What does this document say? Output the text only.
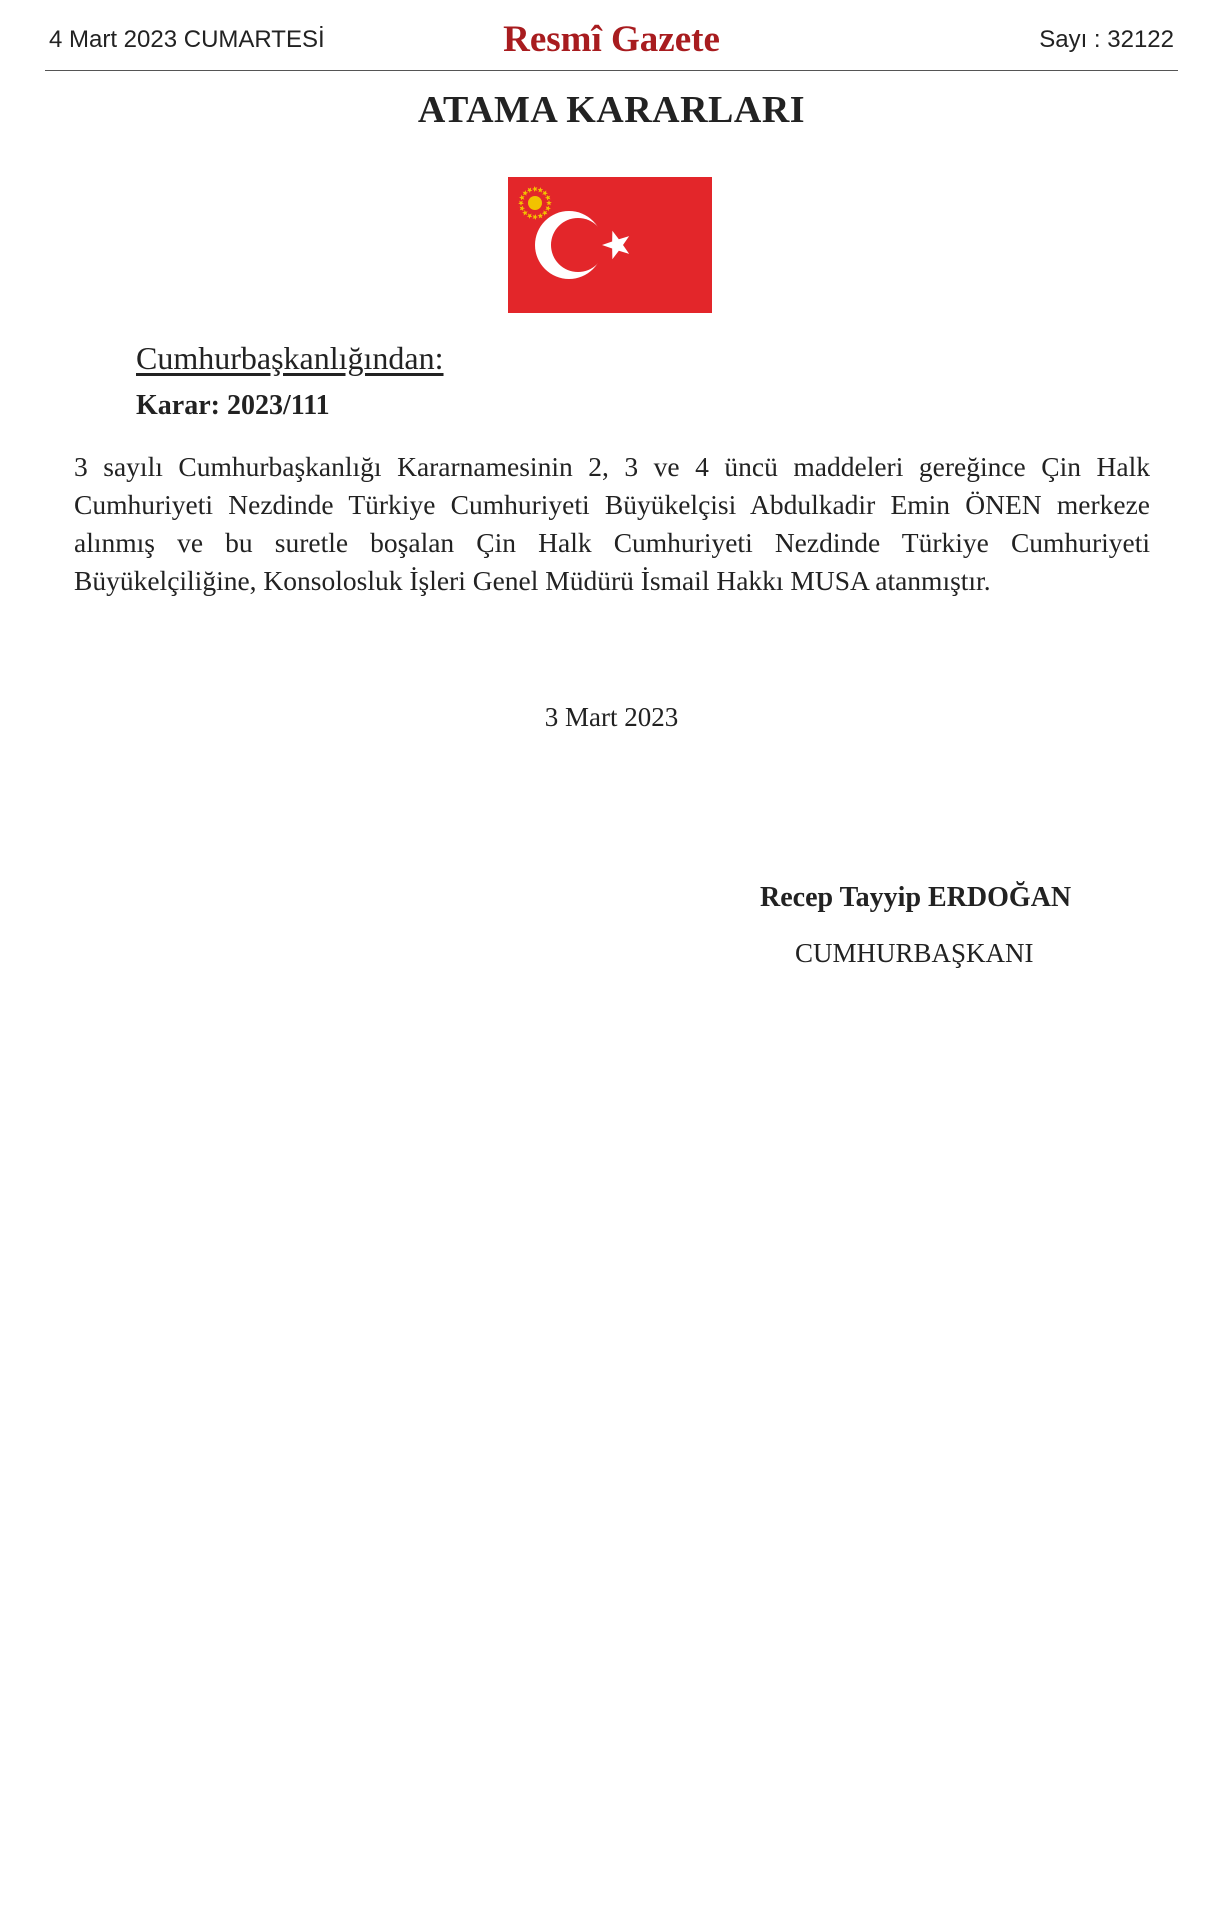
4 Mart 2023 CUMARTESİ	Resmî Gazete	Sayı : 32122
ATAMA KARARLARI
Cumhurbaşkanlığından:
Karar: 2023/111
3 sayılı Cumhurbaşkanlığı Kararnamesinin 2, 3 ve 4 üncü maddeleri gereğince Çin Halk Cumhuriyeti Nezdinde Türkiye Cumhuriyeti Büyükelçisi Abdulkadir Emin ÖNEN merkeze alınmış ve bu suretle boşalan Çin Halk Cumhuriyeti Nezdinde Türkiye Cumhuriyeti Büyükelçiliğine, Konsolosluk İşleri Genel Müdürü İsmail Hakkı MUSA atanmıştır.
3 Mart 2023
Recep Tayyip ERDOĞAN
CUMHURBAŞKANI
